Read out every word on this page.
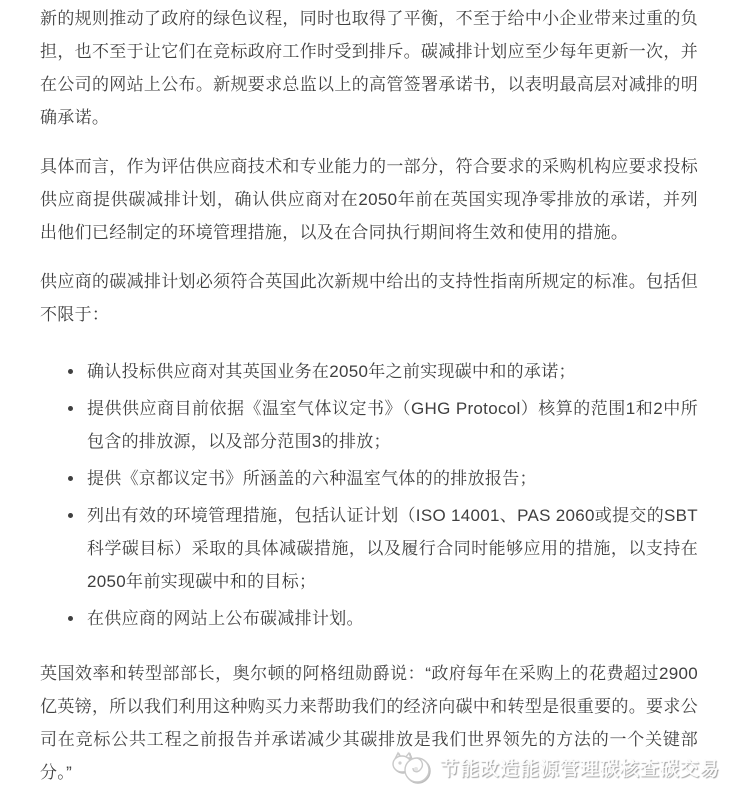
新的规则推动了政府的绿色议程，同时也取得了平衡，不至于给中小企业带来过重的负担，也不至于让它们在竞标政府工作时受到排斥。碳减排计划应至少每年更新一次，并在公司的网站上公布。新规要求总监以上的高管签署承诺书，以表明最高层对减排的明确承诺。

具体而言，作为评估供应商技术和专业能力的一部分，符合要求的采购机构应要求投标供应商提供碳减排计划，确认供应商对在2050年前在英国实现净零排放的承诺，并列出他们已经制定的环境管理措施，以及在合同执行期间将生效和使用的措施。

供应商的碳减排计划必须符合英国此次新规中给出的支持性指南所规定的标准。包括但不限于：

• 确认投标供应商对其英国业务在2050年之前实现碳中和的承诺；
• 提供供应商目前依据《温室气体议定书》（GHG Protocol）核算的范围1和2中所包含的排放源，以及部分范围3的排放；
• 提供《京都议定书》所涵盖的六种温室气体的的排放报告；
• 列出有效的环境管理措施，包括认证计划（ISO 14001、PAS 2060或提交的SBT科学碳目标）采取的具体减碳措施，以及履行合同时能够应用的措施，以支持在2050年前实现碳中和的目标；
• 在供应商的网站上公布碳减排计划。

英国效率和转型部部长，奥尔顿的阿格纽勋爵说：“政府每年在采购上的花费超过2900亿英镑，所以我们利用这种购买力来帮助我们的经济向碳中和转型是很重要的。要求公司在竞标公共工程之前报告并承诺减少其碳排放是我们世界领先的方法的一个关键部分。”	节能改造能源管理碳核查碳交易
